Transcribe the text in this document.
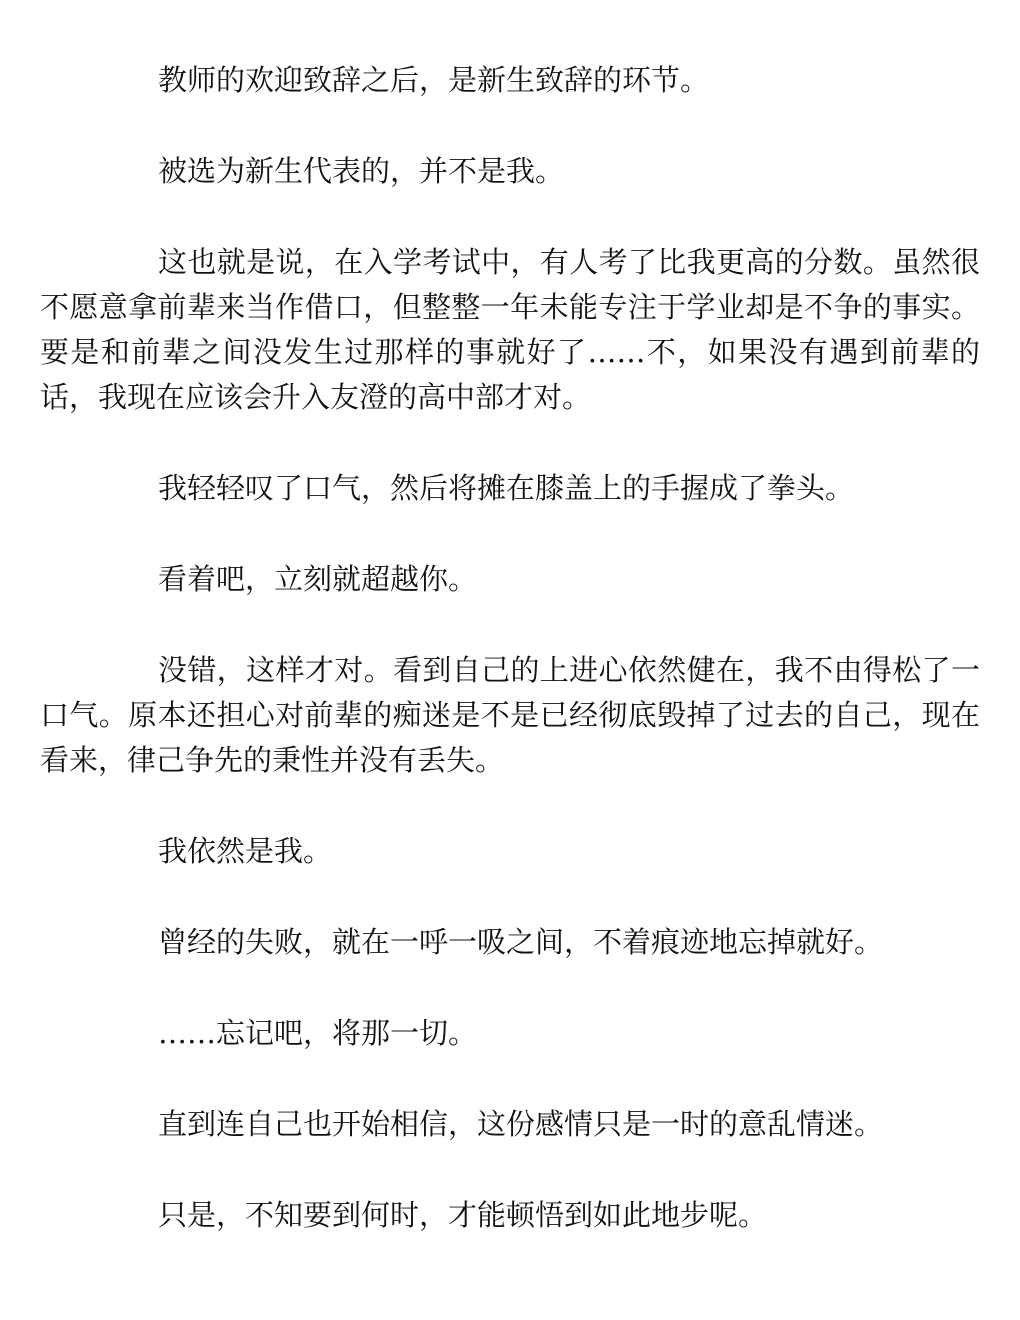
教师的欢迎致辞之后，是新生致辞的环节。

被选为新生代表的，并不是我。

这也就是说，在入学考试中，有人考了比我更高的分数。虽然很不愿意拿前辈来当作借口，但整整一年未能专注于学业却是不争的事实。要是和前辈之间没发生过那样的事就好了……不，如果没有遇到前辈的话，我现在应该会升入友澄的高中部才对。

我轻轻叹了口气，然后将摊在膝盖上的手握成了拳头。

看着吧，立刻就超越你。

没错，这样才对。看到自己的上进心依然健在，我不由得松了一口气。原本还担心对前辈的痴迷是不是已经彻底毁掉了过去的自己，现在看来，律己争先的秉性并没有丢失。

我依然是我。

曾经的失败，就在一呼一吸之间，不着痕迹地忘掉就好。

……忘记吧，将那一切。

直到连自己也开始相信，这份感情只是一时的意乱情迷。

只是，不知要到何时，才能顿悟到如此地步呢。
